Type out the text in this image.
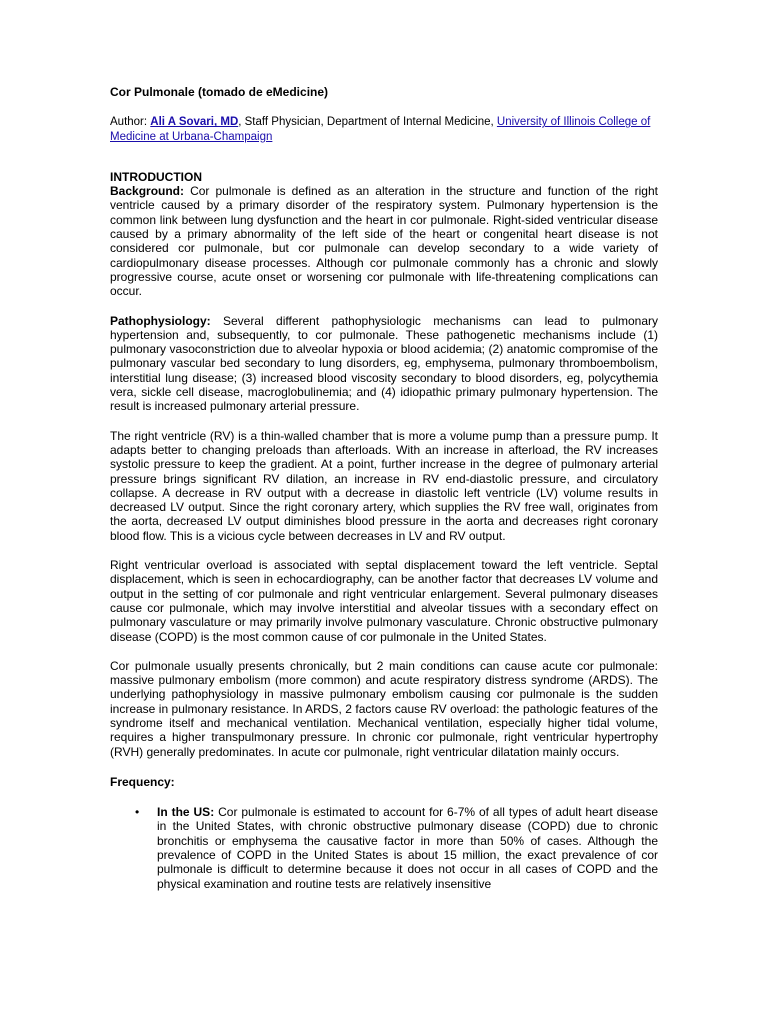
Cor Pulmonale (tomado de eMedicine)

Author: Ali A Sovari, MD, Staff Physician, Department of Internal Medicine, University of Illinois College of Medicine at Urbana-Champaign

INTRODUCTION

Background: Cor pulmonale is defined as an alteration in the structure and function of the right ventricle caused by a primary disorder of the respiratory system. Pulmonary hypertension is the common link between lung dysfunction and the heart in cor pulmonale. Right-sided ventricular disease caused by a primary abnormality of the left side of the heart or congenital heart disease is not considered cor pulmonale, but cor pulmonale can develop secondary to a wide variety of cardiopulmonary disease processes. Although cor pulmonale commonly has a chronic and slowly progressive course, acute onset or worsening cor pulmonale with life-threatening complications can occur.

Pathophysiology: Several different pathophysiologic mechanisms can lead to pulmonary hypertension and, subsequently, to cor pulmonale. These pathogenetic mechanisms include (1) pulmonary vasoconstriction due to alveolar hypoxia or blood acidemia; (2) anatomic compromise of the pulmonary vascular bed secondary to lung disorders, eg, emphysema, pulmonary thromboembolism, interstitial lung disease; (3) increased blood viscosity secondary to blood disorders, eg, polycythemia vera, sickle cell disease, macroglobulinemia; and (4) idiopathic primary pulmonary hypertension. The result is increased pulmonary arterial pressure.

The right ventricle (RV) is a thin-walled chamber that is more a volume pump than a pressure pump. It adapts better to changing preloads than afterloads. With an increase in afterload, the RV increases systolic pressure to keep the gradient. At a point, further increase in the degree of pulmonary arterial pressure brings significant RV dilation, an increase in RV end-diastolic pressure, and circulatory collapse. A decrease in RV output with a decrease in diastolic left ventricle (LV) volume results in decreased LV output. Since the right coronary artery, which supplies the RV free wall, originates from the aorta, decreased LV output diminishes blood pressure in the aorta and decreases right coronary blood flow. This is a vicious cycle between decreases in LV and RV output.

Right ventricular overload is associated with septal displacement toward the left ventricle. Septal displacement, which is seen in echocardiography, can be another factor that decreases LV volume and output in the setting of cor pulmonale and right ventricular enlargement. Several pulmonary diseases cause cor pulmonale, which may involve interstitial and alveolar tissues with a secondary effect on pulmonary vasculature or may primarily involve pulmonary vasculature. Chronic obstructive pulmonary disease (COPD) is the most common cause of cor pulmonale in the United States.

Cor pulmonale usually presents chronically, but 2 main conditions can cause acute cor pulmonale: massive pulmonary embolism (more common) and acute respiratory distress syndrome (ARDS). The underlying pathophysiology in massive pulmonary embolism causing cor pulmonale is the sudden increase in pulmonary resistance. In ARDS, 2 factors cause RV overload: the pathologic features of the syndrome itself and mechanical ventilation. Mechanical ventilation, especially higher tidal volume, requires a higher transpulmonary pressure. In chronic cor pulmonale, right ventricular hypertrophy (RVH) generally predominates. In acute cor pulmonale, right ventricular dilatation mainly occurs.

Frequency:
• In the US: Cor pulmonale is estimated to account for 6-7% of all types of adult heart disease in the United States, with chronic obstructive pulmonary disease (COPD) due to chronic bronchitis or emphysema the causative factor in more than 50% of cases. Although the prevalence of COPD in the United States is about 15 million, the exact prevalence of cor pulmonale is difficult to determine because it does not occur in all cases of COPD and the physical examination and routine tests are relatively insensitive
